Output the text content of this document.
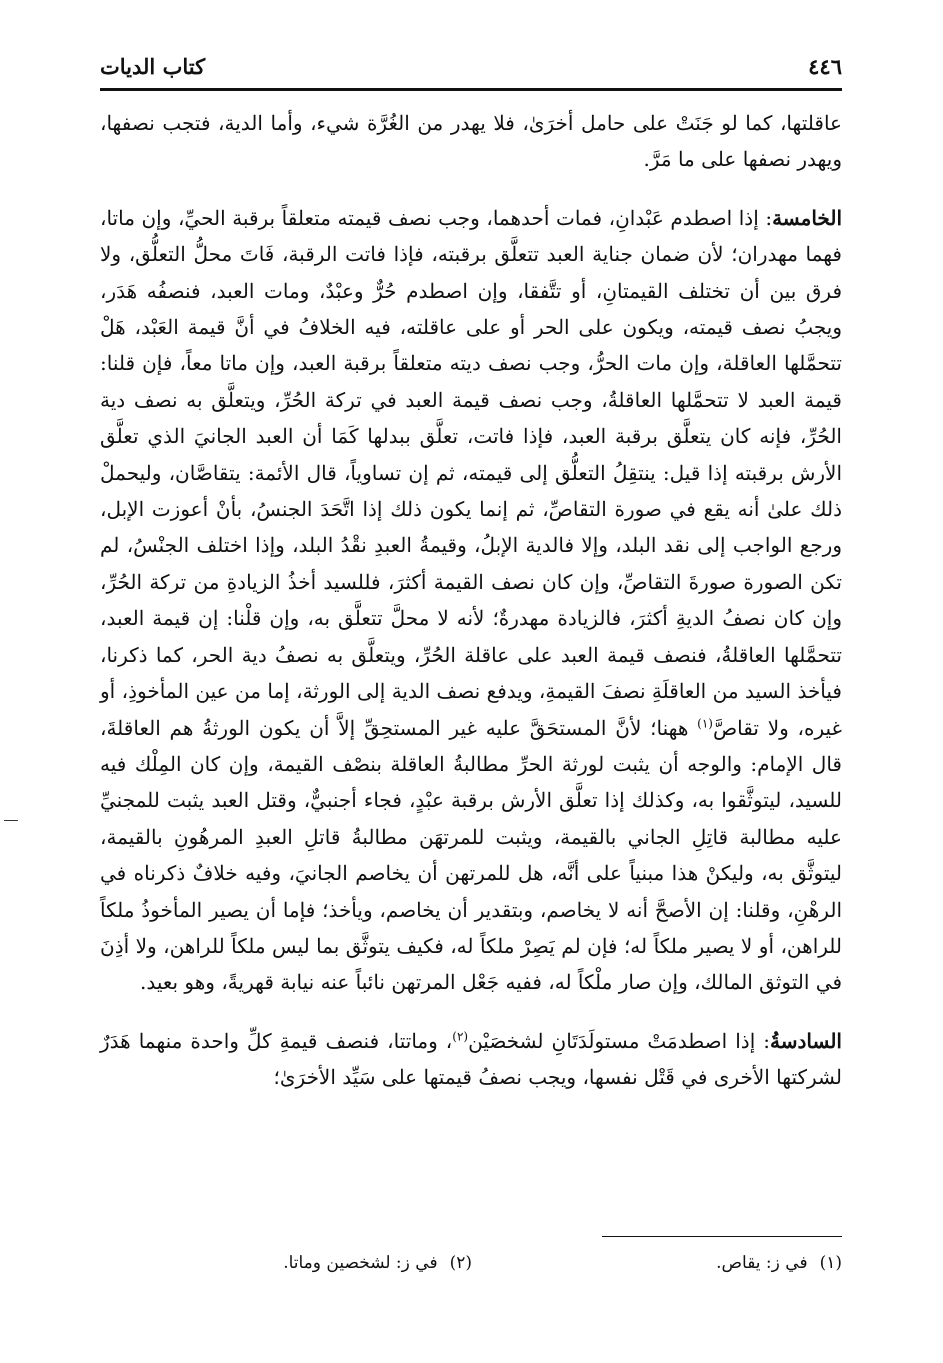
٤٤٦
كتاب الديات

عاقلتها، كما لو جَنَتْ على حامل أخرَىٰ، فلا يهدر من الغُرَّة شيء، وأما الدية، فتجب نصفها، ويهدر نصفها على ما مَرَّ.

الخامسة: إذا اصطدم عَبْدانِ، فمات أحدهما، وجب نصف قيمته متعلقاً برقبة الحيِّ، وإن ماتا، فهما مهدران؛ لأن ضمان جناية العبد تتعلَّق برقبته، فإذا فاتت الرقبة، فَاتَ محلُّ التعلُّق، ولا فرق بين أن تختلف القيمتانِ، أو تتَّفقا، وإن اصطدم حُرٌّ وعبْدٌ، ومات العبد، فنصفُه هَدَر، ويجبُ نصف قيمته، ويكون على الحر أو على عاقلته، فيه الخلافُ في أنَّ قيمة العَبْد، هَلْ تتحمَّلها العاقلة، وإن مات الحرُّ، وجب نصف ديته متعلقاً برقبة العبد، وإن ماتا معاً، فإن قلنا: قيمة العبد لا تتحمَّلها العاقلةُ، وجب نصف قيمة العبد في تركة الحُرِّ، ويتعلَّق به نصف دية الحُرِّ، فإنه كان يتعلَّق برقبة العبد، فإذا فاتت، تعلَّق ببدلها كَمَا أن العبد الجانيَ الذي تعلَّق الأرش برقبته إذا قيل: ينتقِلُ التعلُّق إلى قيمته، ثم إن تساوياً، قال الأئمة: يتقاصَّان، وليحملْ ذلك علىٰ أنه يقع في صورة التقاصِّ، ثم إنما يكون ذلك إذا اتَّحَدَ الجنسُ، بأنْ أعوزت الإبل، ورجع الواجب إلى نقد البلد، وإلا فالدية الإبلُ، وقيمةُ العبدِ نقْدُ البلد، وإذا اختلف الجنْسُ، لم تكن الصورة صورةَ التقاصِّ، وإن كان نصف القيمة أكثرَ، فللسيد أخذُ الزيادةِ من تركة الحُرِّ، وإن كان نصفُ الديةِ أكثرَ، فالزيادة مهدرةٌ؛ لأنه لا محلَّ تتعلَّق به، وإن قلْنا: إن قيمة العبد، تتحمَّلها العاقلةُ، فنصف قيمة العبد على عاقلة الحُرِّ، ويتعلَّق به نصفُ دية الحر، كما ذكرنا، فيأخذ السيد من العاقلَةِ نصفَ القيمةِ، ويدفع نصف الدية إلى الورثة، إما من عين المأخوذِ، أو غيره، ولا تقاصَّ$^{(١)}$ ههنا؛ لأنَّ المستحَقَّ عليه غير المستحِقِّ إلاَّ أن يكون الورثةُ هم العاقلةَ، قال الإمام: والوجه أن يثبت لورثة الحرِّ مطالبةُ العاقلة بنصْف القيمة، وإن كان المِلْك فيه للسيد، ليتوثَّقوا به، وكذلك إذا تعلَّق الأرش برقبة عبْدٍ، فجاء أجنبيٌّ، وقتل العبد يثبت للمجنيِّ عليه مطالبة قاتِلِ الجاني بالقيمة، ويثبت للمرتهَن مطالبةُ قاتلِ العبدِ المرهُونِ بالقيمة، ليتوثَّق به، وليكنْ هذا مبنياً على أنَّه، هل للمرتهن أن يخاصم الجانيَ، وفيه خلافٌ ذكرناه في الرهْنِ، وقلنا: إن الأصحَّ أنه لا يخاصم، وبتقدير أن يخاصم، ويأخذ؛ فإما أن يصير المأخوذُ ملكاً للراهن، أو لا يصير ملكاً له؛ فإن لم يَصِرْ ملكاً له، فكيف يتوثَّق بما ليس ملكاً للراهن، ولا أذِنَ في التوثق المالك، وإن صار ملْكاً له، ففيه جَعْل المرتهن نائباً عنه نيابة قهريةً، وهو بعيد.

السادسةُ: إذا اصطدمَتْ مستولَدَتَانِ لشخصَيْن$^{(٢)}$، وماتتا، فنصف قيمةِ كلِّ واحدة منهما هَدَرٌ لشركتها الأخرى في قَتْل نفسها، ويجب نصفُ قيمتها على سَيِّد الأخرَىٰ؛

(١)في ز: يقاص.
(٢)في ز: لشخصين وماتا.
